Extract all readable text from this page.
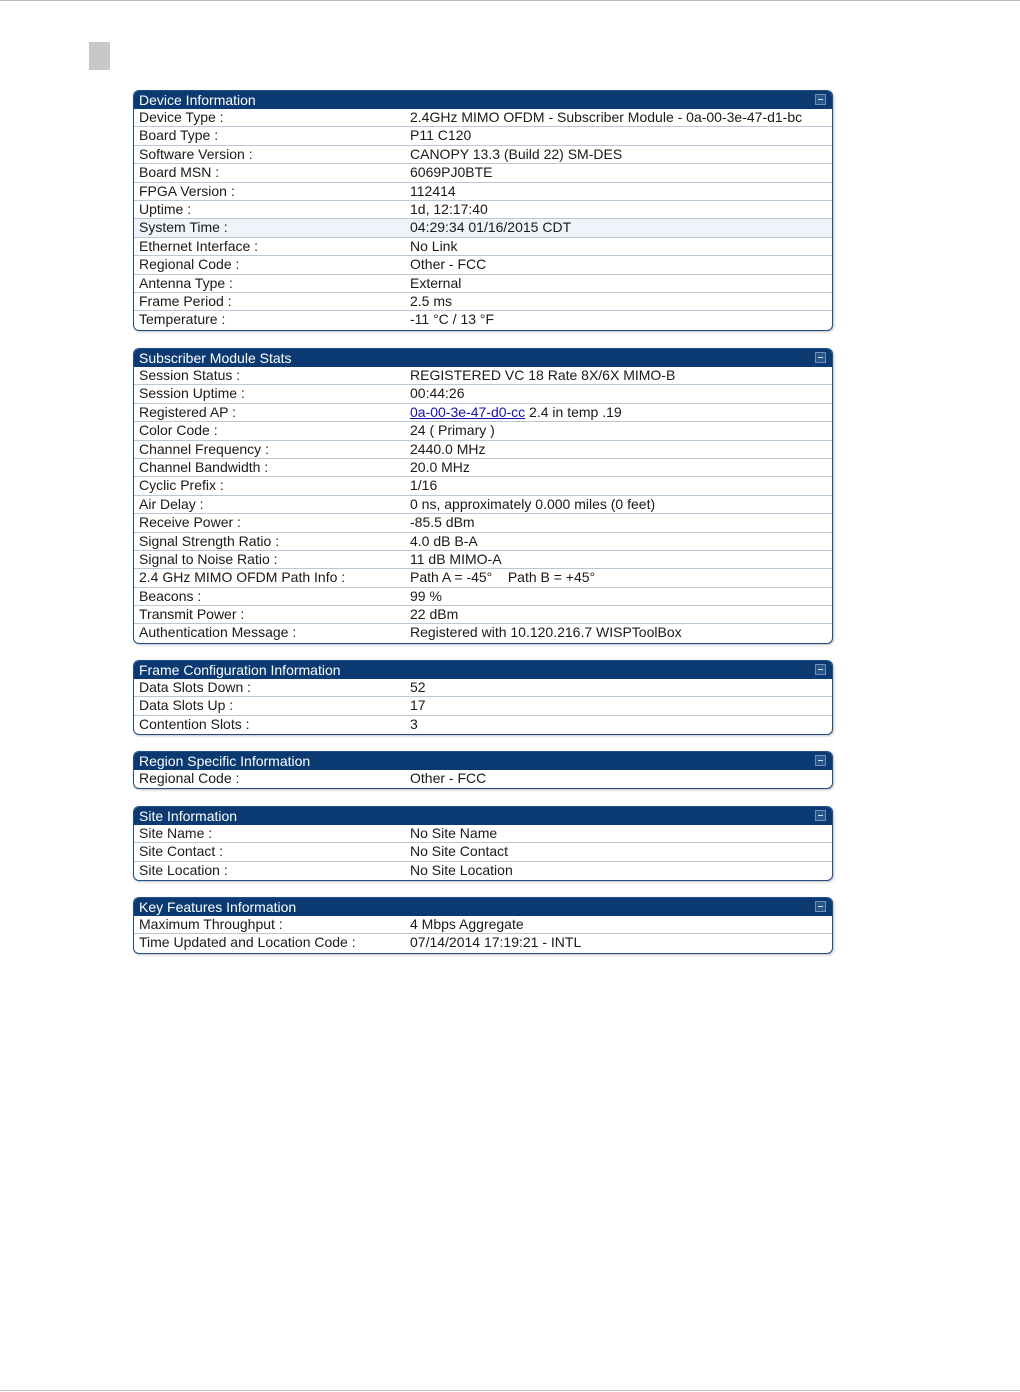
Device Information
Device Type :	2.4GHz MIMO OFDM - Subscriber Module - 0a-00-3e-47-d1-bc
Board Type :	P11 C120
Software Version :	CANOPY 13.3 (Build 22) SM-DES
Board MSN :	6069PJ0BTE
FPGA Version :	112414
Uptime :	1d, 12:17:40
System Time :	04:29:34 01/16/2015 CDT
Ethernet Interface :	No Link
Regional Code :	Other - FCC
Antenna Type :	External
Frame Period :	2.5 ms
Temperature :	-11 °C / 13 °F
Subscriber Module Stats
Session Status :	REGISTERED VC 18 Rate 8X/6X MIMO-B
Session Uptime :	00:44:26
Registered AP :	0a-00-3e-47-d0-cc 2.4 in temp .19
Color Code :	24 ( Primary )
Channel Frequency :	2440.0 MHz
Channel Bandwidth :	20.0 MHz
Cyclic Prefix :	1/16
Air Delay :	0 ns, approximately 0.000 miles (0 feet)
Receive Power :	-85.5 dBm
Signal Strength Ratio :	4.0 dB B-A
Signal to Noise Ratio :	11 dB MIMO-A
2.4 GHz MIMO OFDM Path Info :	Path A = -45°    Path B = +45°
Beacons :	99 %
Transmit Power :	22 dBm
Authentication Message :	Registered with 10.120.216.7 WISPToolBox
Frame Configuration Information
Data Slots Down :	52
Data Slots Up :	17
Contention Slots :	3
Region Specific Information
Regional Code :	Other - FCC
Site Information
Site Name :	No Site Name
Site Contact :	No Site Contact
Site Location :	No Site Location
Key Features Information
Maximum Throughput :	4 Mbps Aggregate
Time Updated and Location Code :	07/14/2014 17:19:21 - INTL
